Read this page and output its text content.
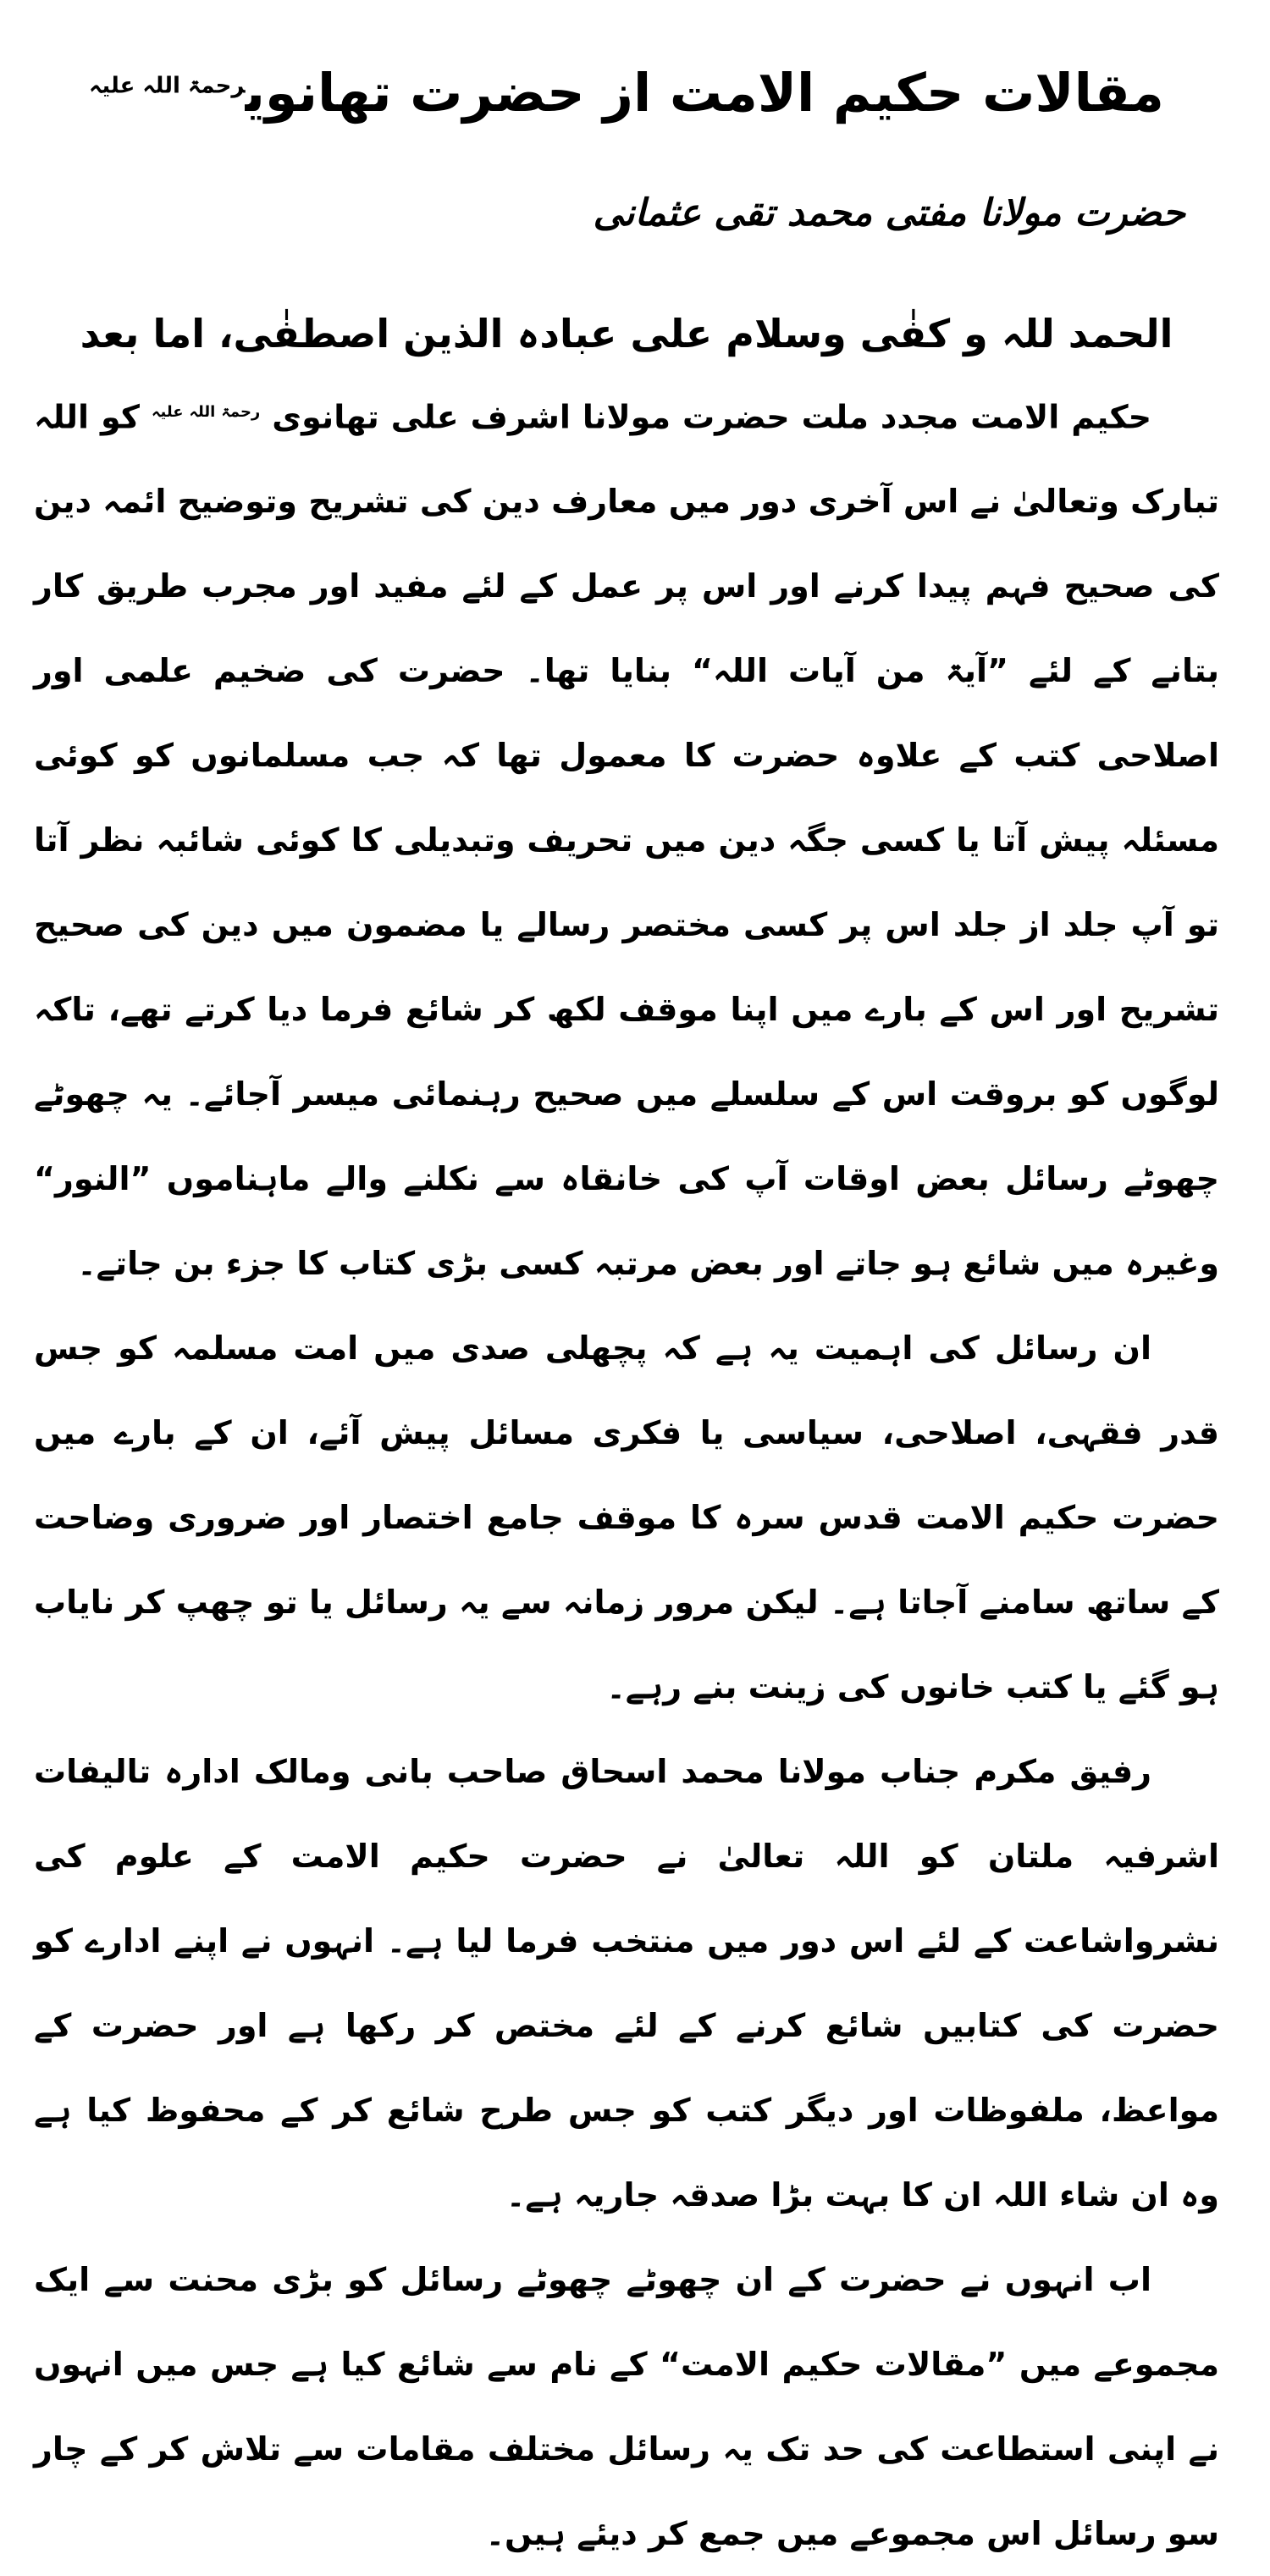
مقالات حکیم الامت از حضرت تھانوی$^{رحمۃ اللہ علیہ}$
حضرت مولانا مفتی محمد تقی عثمانی
الحمد للہ و کفٰی وسلام علی عبادہ الذین اصطفٰی، اما بعد

حکیم الامت مجدد ملت حضرت مولانا اشرف علی تھانوی $^{رحمۃ اللہ علیہ}$ کو اللہ تبارک وتعالیٰ نے اس آخری دور میں معارف دین کی تشریح وتوضیح ائمہ دین کی صحیح فہم پیدا کرنے اور اس پر عمل کے لئے مفید اور مجرب طریق کار بتانے کے لئے ”آیۃ من آیات اللہ“ بنایا تھا۔ حضرت کی ضخیم علمی اور اصلاحی کتب کے علاوہ حضرت کا معمول تھا کہ جب مسلمانوں کو کوئی مسئلہ پیش آتا یا کسی جگہ دین میں تحریف وتبدیلی کا کوئی شائبہ نظر آتا تو آپ جلد از جلد اس پر کسی مختصر رسالے یا مضمون میں دین کی صحیح تشریح اور اس کے بارے میں اپنا موقف لکھ کر شائع فرما دیا کرتے تھے، تاکہ لوگوں کو بروقت اس کے سلسلے میں صحیح رہنمائی میسر آجائے۔ یہ چھوٹے چھوٹے رسائل بعض اوقات آپ کی خانقاہ سے نکلنے والے ماہناموں ”النور“ وغیرہ میں شائع ہو جاتے اور بعض مرتبہ کسی بڑی کتاب کا جزء بن جاتے۔

ان رسائل کی اہمیت یہ ہے کہ پچھلی صدی میں امت مسلمہ کو جس قدر فقہی، اصلاحی، سیاسی یا فکری مسائل پیش آئے، ان کے بارے میں حضرت حکیم الامت قدس سرہ کا موقف جامع اختصار اور ضروری وضاحت کے ساتھ سامنے آجاتا ہے۔ لیکن مرور زمانہ سے یہ رسائل یا تو چھپ کر نایاب ہو گئے یا کتب خانوں کی زینت بنے رہے۔

رفیق مکرم جناب مولانا محمد اسحاق صاحب بانی ومالک ادارہ تالیفات اشرفیہ ملتان کو اللہ تعالیٰ نے حضرت حکیم الامت کے علوم کی نشرواشاعت کے لئے اس دور میں منتخب فرما لیا ہے۔ انہوں نے اپنے ادارے کو حضرت کی کتابیں شائع کرنے کے لئے مختص کر رکھا ہے اور حضرت کے مواعظ، ملفوظات اور دیگر کتب کو جس طرح شائع کر کے محفوظ کیا ہے وہ ان شاء اللہ ان کا بہت بڑا صدقہ جاریہ ہے۔

اب انہوں نے حضرت کے ان چھوٹے چھوٹے رسائل کو بڑی محنت سے ایک مجموعے میں ”مقالات حکیم الامت“ کے نام سے شائع کیا ہے جس میں انہوں نے اپنی استطاعت کی حد تک یہ رسائل مختلف مقامات سے تلاش کر کے چار سو رسائل اس مجموعے میں جمع کر دیئے ہیں۔
